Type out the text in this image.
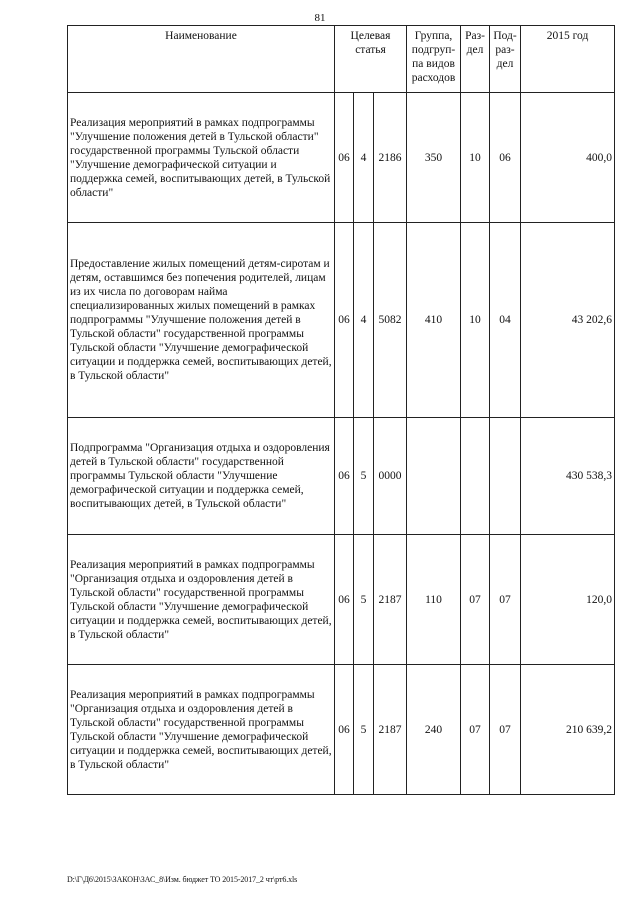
81
Наименование	Целевая статья			Группа, подгруп-па видов расходов	Раз-дел	Под-раз-дел	2015 год
Реализация мероприятий в рамках подпрограммы "Улучшение положения детей в Тульской области" государственной программы Тульской области "Улучшение демографической ситуации и поддержка семей, воспитывающих детей, в Тульской области"	06	4	2186	350	10	06	400,0
Предоставление жилых помещений детям-сиротам и детям, оставшимся без попечения родителей, лицам из их числа по договорам найма специализированных жилых помещений в рамках подпрограммы "Улучшение положения детей в Тульской области" государственной программы Тульской области "Улучшение демографической ситуации и поддержка семей, воспитывающих детей, в Тульской области"	06	4	5082	410	10	04	43 202,6
Подпрограмма "Организация отдыха и оздоровления детей в Тульской области" государственной программы Тульской области "Улучшение демографической ситуации и поддержка семей, воспитывающих детей, в Тульской области"	06	5	0000				430 538,3
Реализация мероприятий в рамках подпрограммы "Организация отдыха и оздоровления детей в Тульской области" государственной программы Тульской области "Улучшение демографической ситуации и поддержка семей, воспитывающих детей, в Тульской области"	06	5	2187	110	07	07	120,0
Реализация мероприятий в рамках подпрограммы "Организация отдыха и оздоровления детей в Тульской области" государственной программы Тульской области "Улучшение демографической ситуации и поддержка семей, воспитывающих детей, в Тульской области"	06	5	2187	240	07	07	210 639,2
D:\Г\Д6\2015\ЗАКОН\ЗАС_8\Изм. бюджет ТО 2015-2017_2 чт\рт6.xls
